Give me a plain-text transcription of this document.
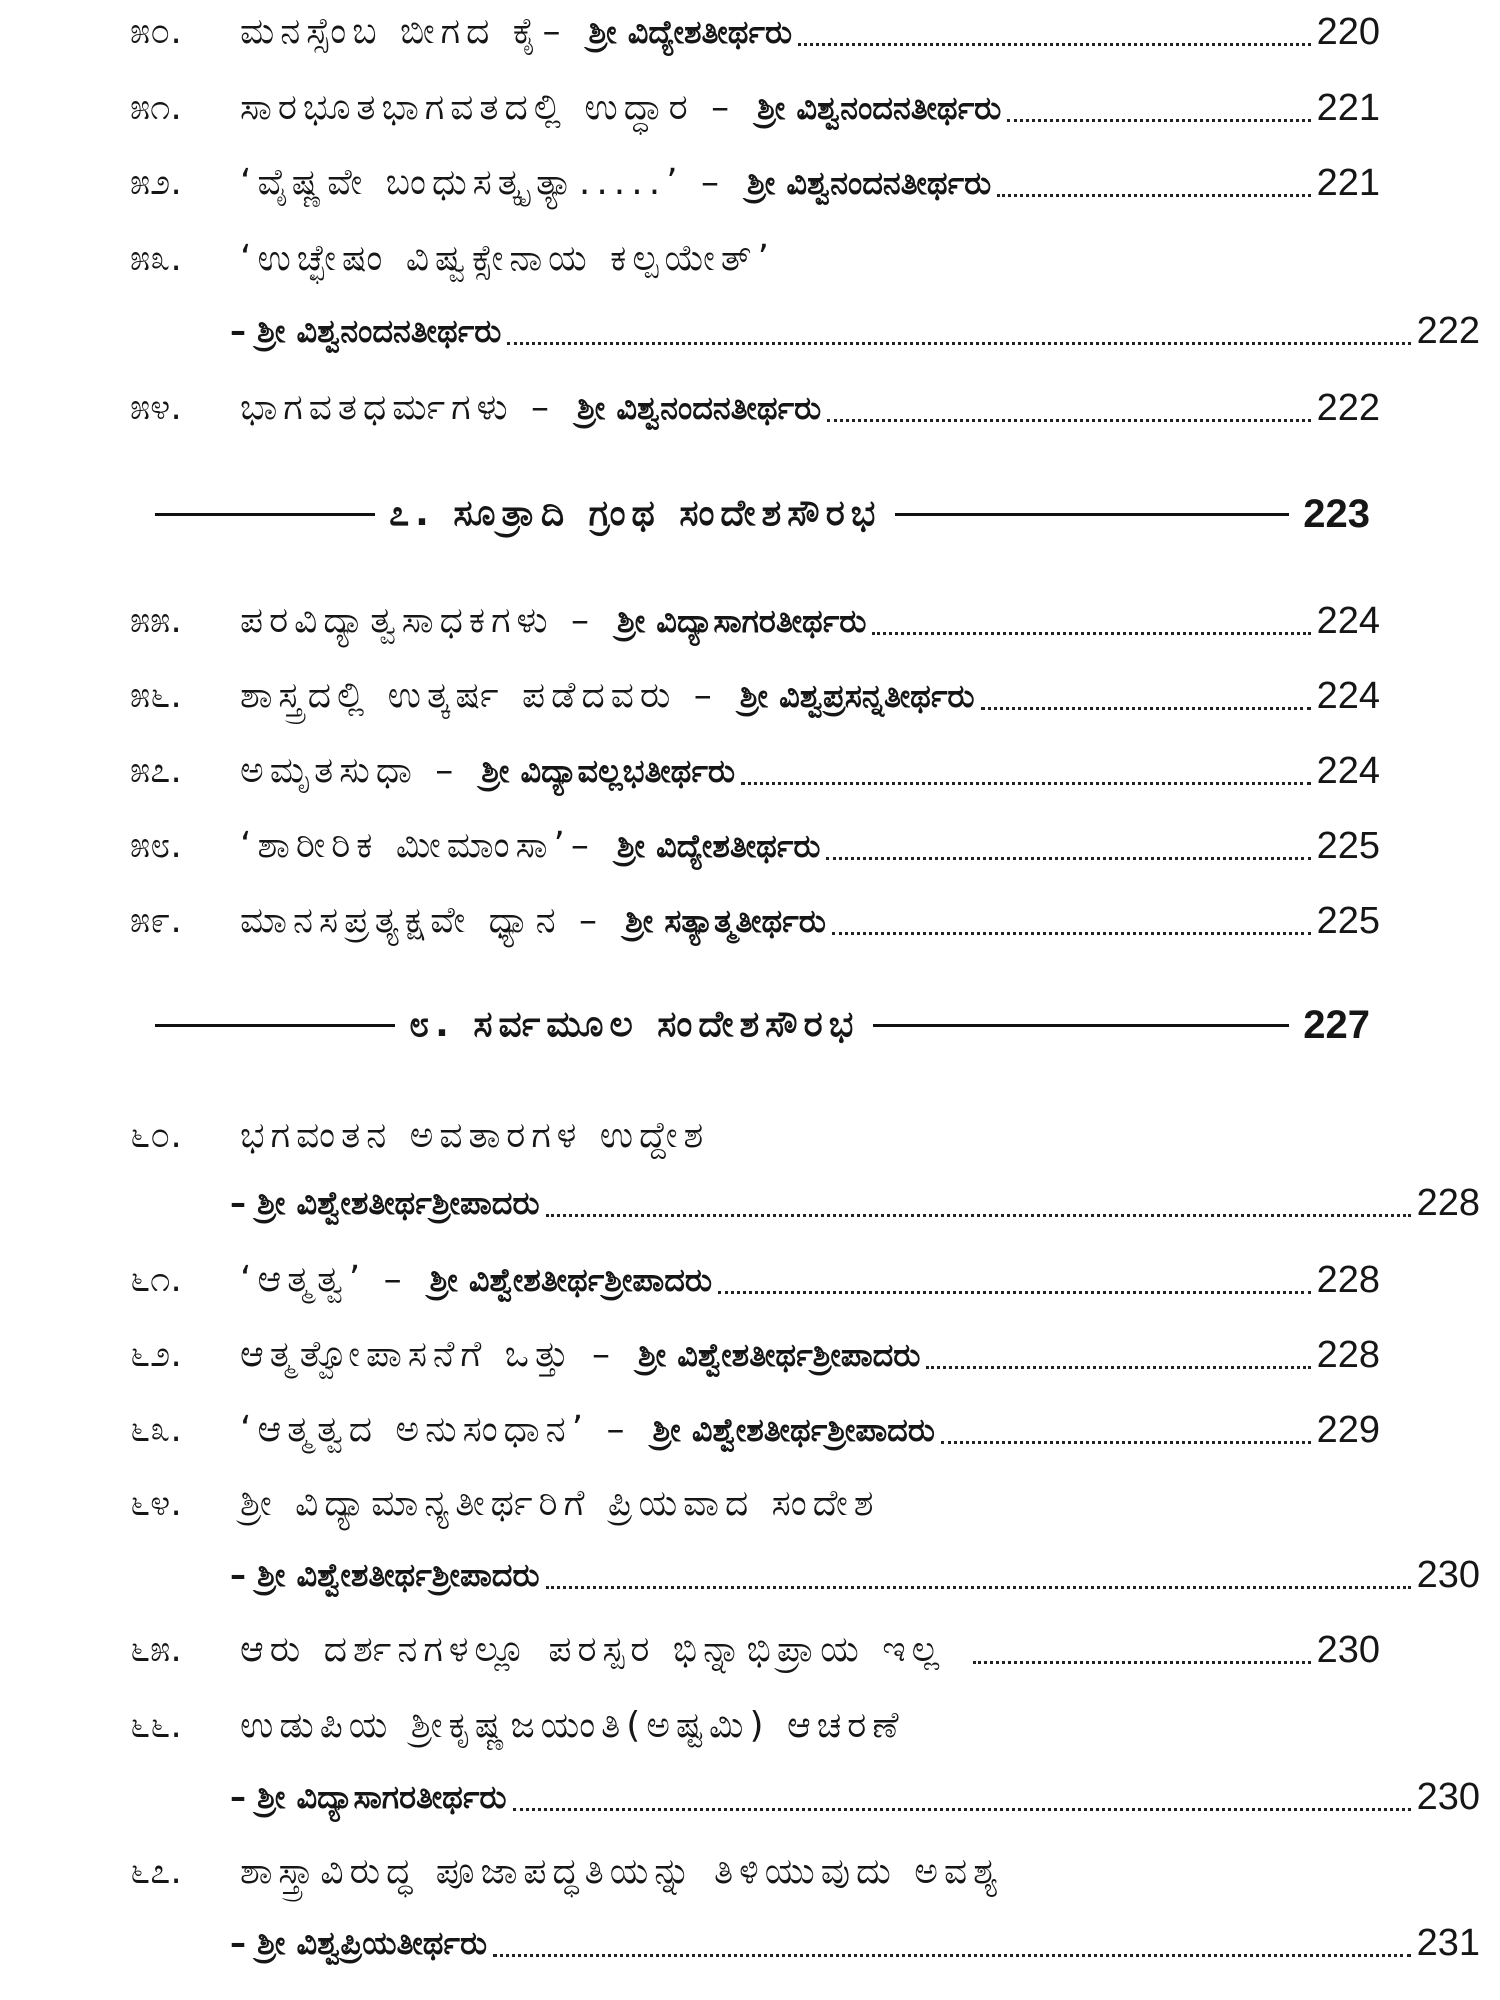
೫೦.	ಮನಸ್ಸೆಂಬ ಬೀಗದ ಕೈ– ಶ್ರೀ ವಿದ್ಯೇಶತೀರ್ಥರು	220
೫೧.	ಸಾರಭೂತಭಾಗವತದಲ್ಲಿ ಉದ್ಧಾರ – ಶ್ರೀ ವಿಶ್ವನಂದನತೀರ್ಥರು	221
೫೨.	‘ವೈಷ್ಣವೇ ಬಂಧುಸತ್ಕೃತ್ಯಾ.....’ – ಶ್ರೀ ವಿಶ್ವನಂದನತೀರ್ಥರು	221
೫೩.	‘ಉಚ್ಛೇಷಂ ವಿಷ್ವಕ್ಸೇನಾಯ ಕಲ್ಪಯೇತ್’
– ಶ್ರೀ ವಿಶ್ವನಂದನತೀರ್ಥರು	222
೫೪.	ಭಾಗವತಧರ್ಮಗಳು – ಶ್ರೀ ವಿಶ್ವನಂದನತೀರ್ಥರು	222
೭. ಸೂತ್ರಾದಿ ಗ್ರಂಥ ಸಂದೇಶಸೌರಭ	223
೫೫.	ಪರವಿದ್ಯಾತ್ವಸಾಧಕಗಳು – ಶ್ರೀ ವಿದ್ಯಾಸಾಗರತೀರ್ಥರು	224
೫೬.	ಶಾಸ್ತ್ರದಲ್ಲಿ ಉತ್ಕರ್ಷ ಪಡೆದವರು – ಶ್ರೀ ವಿಶ್ವಪ್ರಸನ್ನತೀರ್ಥರು	224
೫೭.	ಅಮೃತಸುಧಾ – ಶ್ರೀ ವಿದ್ಯಾವಲ್ಲಭತೀರ್ಥರು	224
೫೮.	‘ಶಾರೀರಿಕ ಮೀಮಾಂಸಾ’– ಶ್ರೀ ವಿದ್ಯೇಶತೀರ್ಥರು	225
೫೯.	ಮಾನಸಪ್ರತ್ಯಕ್ಷವೇ ಧ್ಯಾನ – ಶ್ರೀ ಸತ್ಯಾತ್ಮತೀರ್ಥರು	225
೮. ಸರ್ವಮೂಲ ಸಂದೇಶಸೌರಭ	227
೬೦.	ಭಗವಂತನ ಅವತಾರಗಳ ಉದ್ದೇಶ
– ಶ್ರೀ ವಿಶ್ವೇಶತೀರ್ಥಶ್ರೀಪಾದರು	228
೬೧.	‘ಆತ್ಮತ್ವ’ – ಶ್ರೀ ವಿಶ್ವೇಶತೀರ್ಥಶ್ರೀಪಾದರು	228
೬೨.	ಆತ್ಮತ್ವೋಪಾಸನೆಗೆ ಒತ್ತು – ಶ್ರೀ ವಿಶ್ವೇಶತೀರ್ಥಶ್ರೀಪಾದರು	228
೬೩.	‘ಆತ್ಮತ್ವದ ಅನುಸಂಧಾನ’ – ಶ್ರೀ ವಿಶ್ವೇಶತೀರ್ಥಶ್ರೀಪಾದರು	229
೬೪.	ಶ್ರೀ ವಿದ್ಯಾಮಾನ್ಯತೀರ್ಥರಿಗೆ ಪ್ರಿಯವಾದ ಸಂದೇಶ
– ಶ್ರೀ ವಿಶ್ವೇಶತೀರ್ಥಶ್ರೀಪಾದರು	230
೬೫.	ಆರು ದರ್ಶನಗಳಲ್ಲೂ ಪರಸ್ಪರ ಭಿನ್ನಾಭಿಪ್ರಾಯ ಇಲ್ಲ	230
೬೬.	ಉಡುಪಿಯ ಶ್ರೀಕೃಷ್ಣಜಯಂತಿ(ಅಷ್ಟಮಿ) ಆಚರಣೆ
– ಶ್ರೀ ವಿದ್ಯಾಸಾಗರತೀರ್ಥರು	230
೬೭.	ಶಾಸ್ತ್ರಾವಿರುದ್ಧ ಪೂಜಾಪದ್ಧತಿಯನ್ನು ತಿಳಿಯುವುದು ಅವಶ್ಯ
– ಶ್ರೀ ವಿಶ್ವಪ್ರಿಯತೀರ್ಥರು	231
